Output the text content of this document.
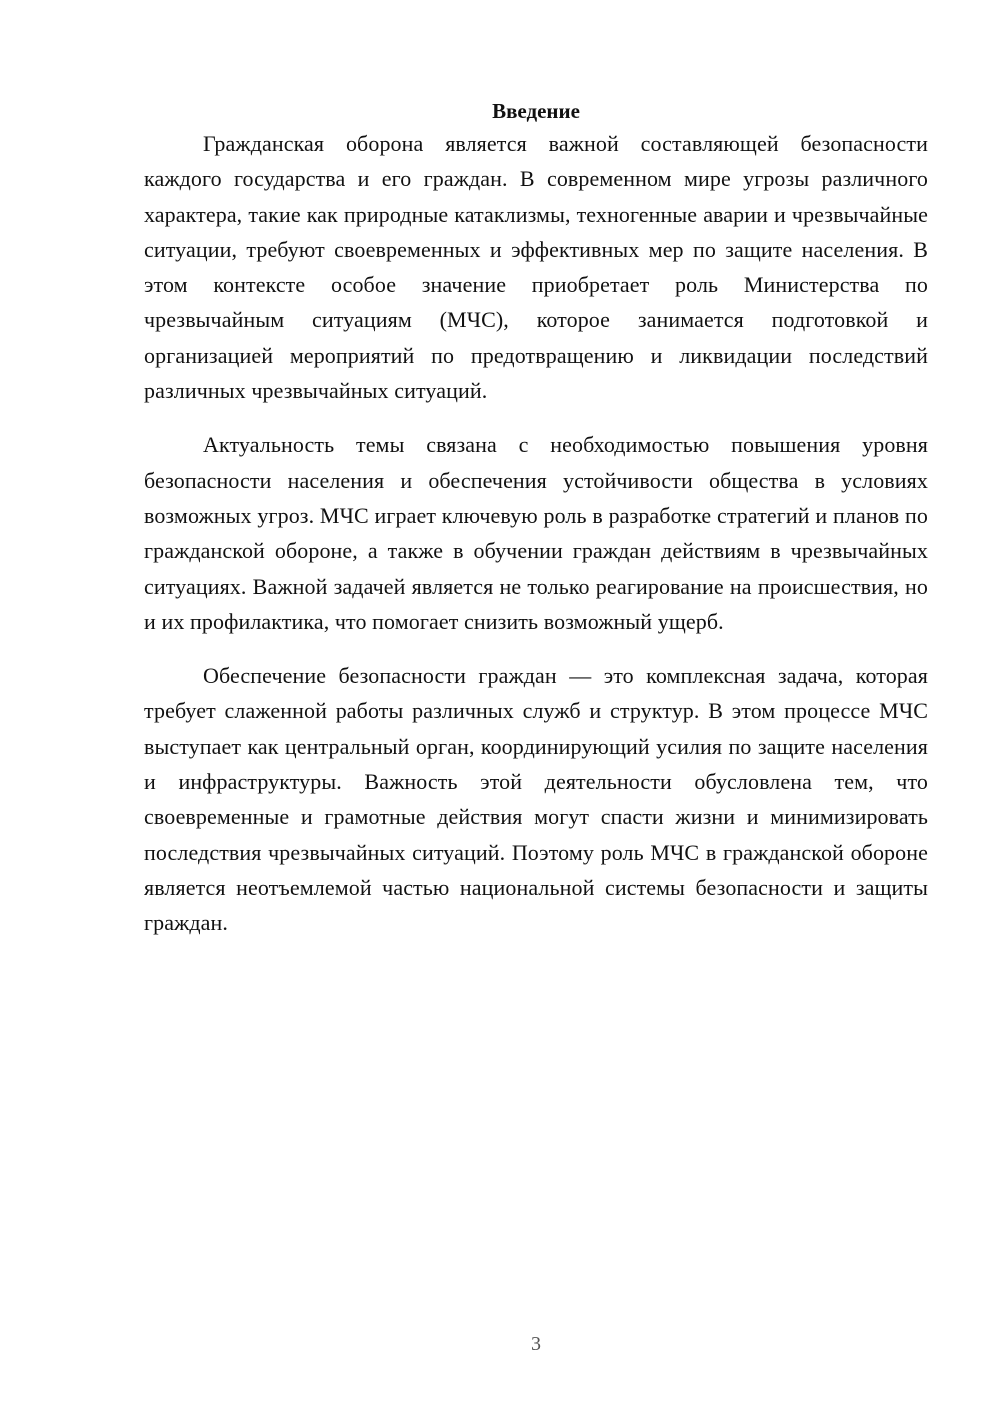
Введение

Гражданская оборона является важной составляющей безопасности каждого государства и его граждан. В современном мире угрозы различного характера, такие как природные катаклизмы, техногенные аварии и чрезвычайные ситуации, требуют своевременных и эффективных мер по защите населения. В этом контексте особое значение приобретает роль Министерства по чрезвычайным ситуациям (МЧС), которое занимается подготовкой и организацией мероприятий по предотвращению и ликвидации последствий различных чрезвычайных ситуаций.

Актуальность темы связана с необходимостью повышения уровня безопасности населения и обеспечения устойчивости общества в условиях возможных угроз. МЧС играет ключевую роль в разработке стратегий и планов по гражданской обороне, а также в обучении граждан действиям в чрезвычайных ситуациях. Важной задачей является не только реагирование на происшествия, но и их профилактика, что помогает снизить возможный ущерб.

Обеспечение безопасности граждан — это комплексная задача, которая требует слаженной работы различных служб и структур. В этом процессе МЧС выступает как центральный орган, координирующий усилия по защите населения и инфраструктуры. Важность этой деятельности обусловлена тем, что своевременные и грамотные действия могут спасти жизни и минимизировать последствия чрезвычайных ситуаций. Поэтому роль МЧС в гражданской обороне является неотъемлемой частью национальной системы безопасности и защиты граждан.

3
